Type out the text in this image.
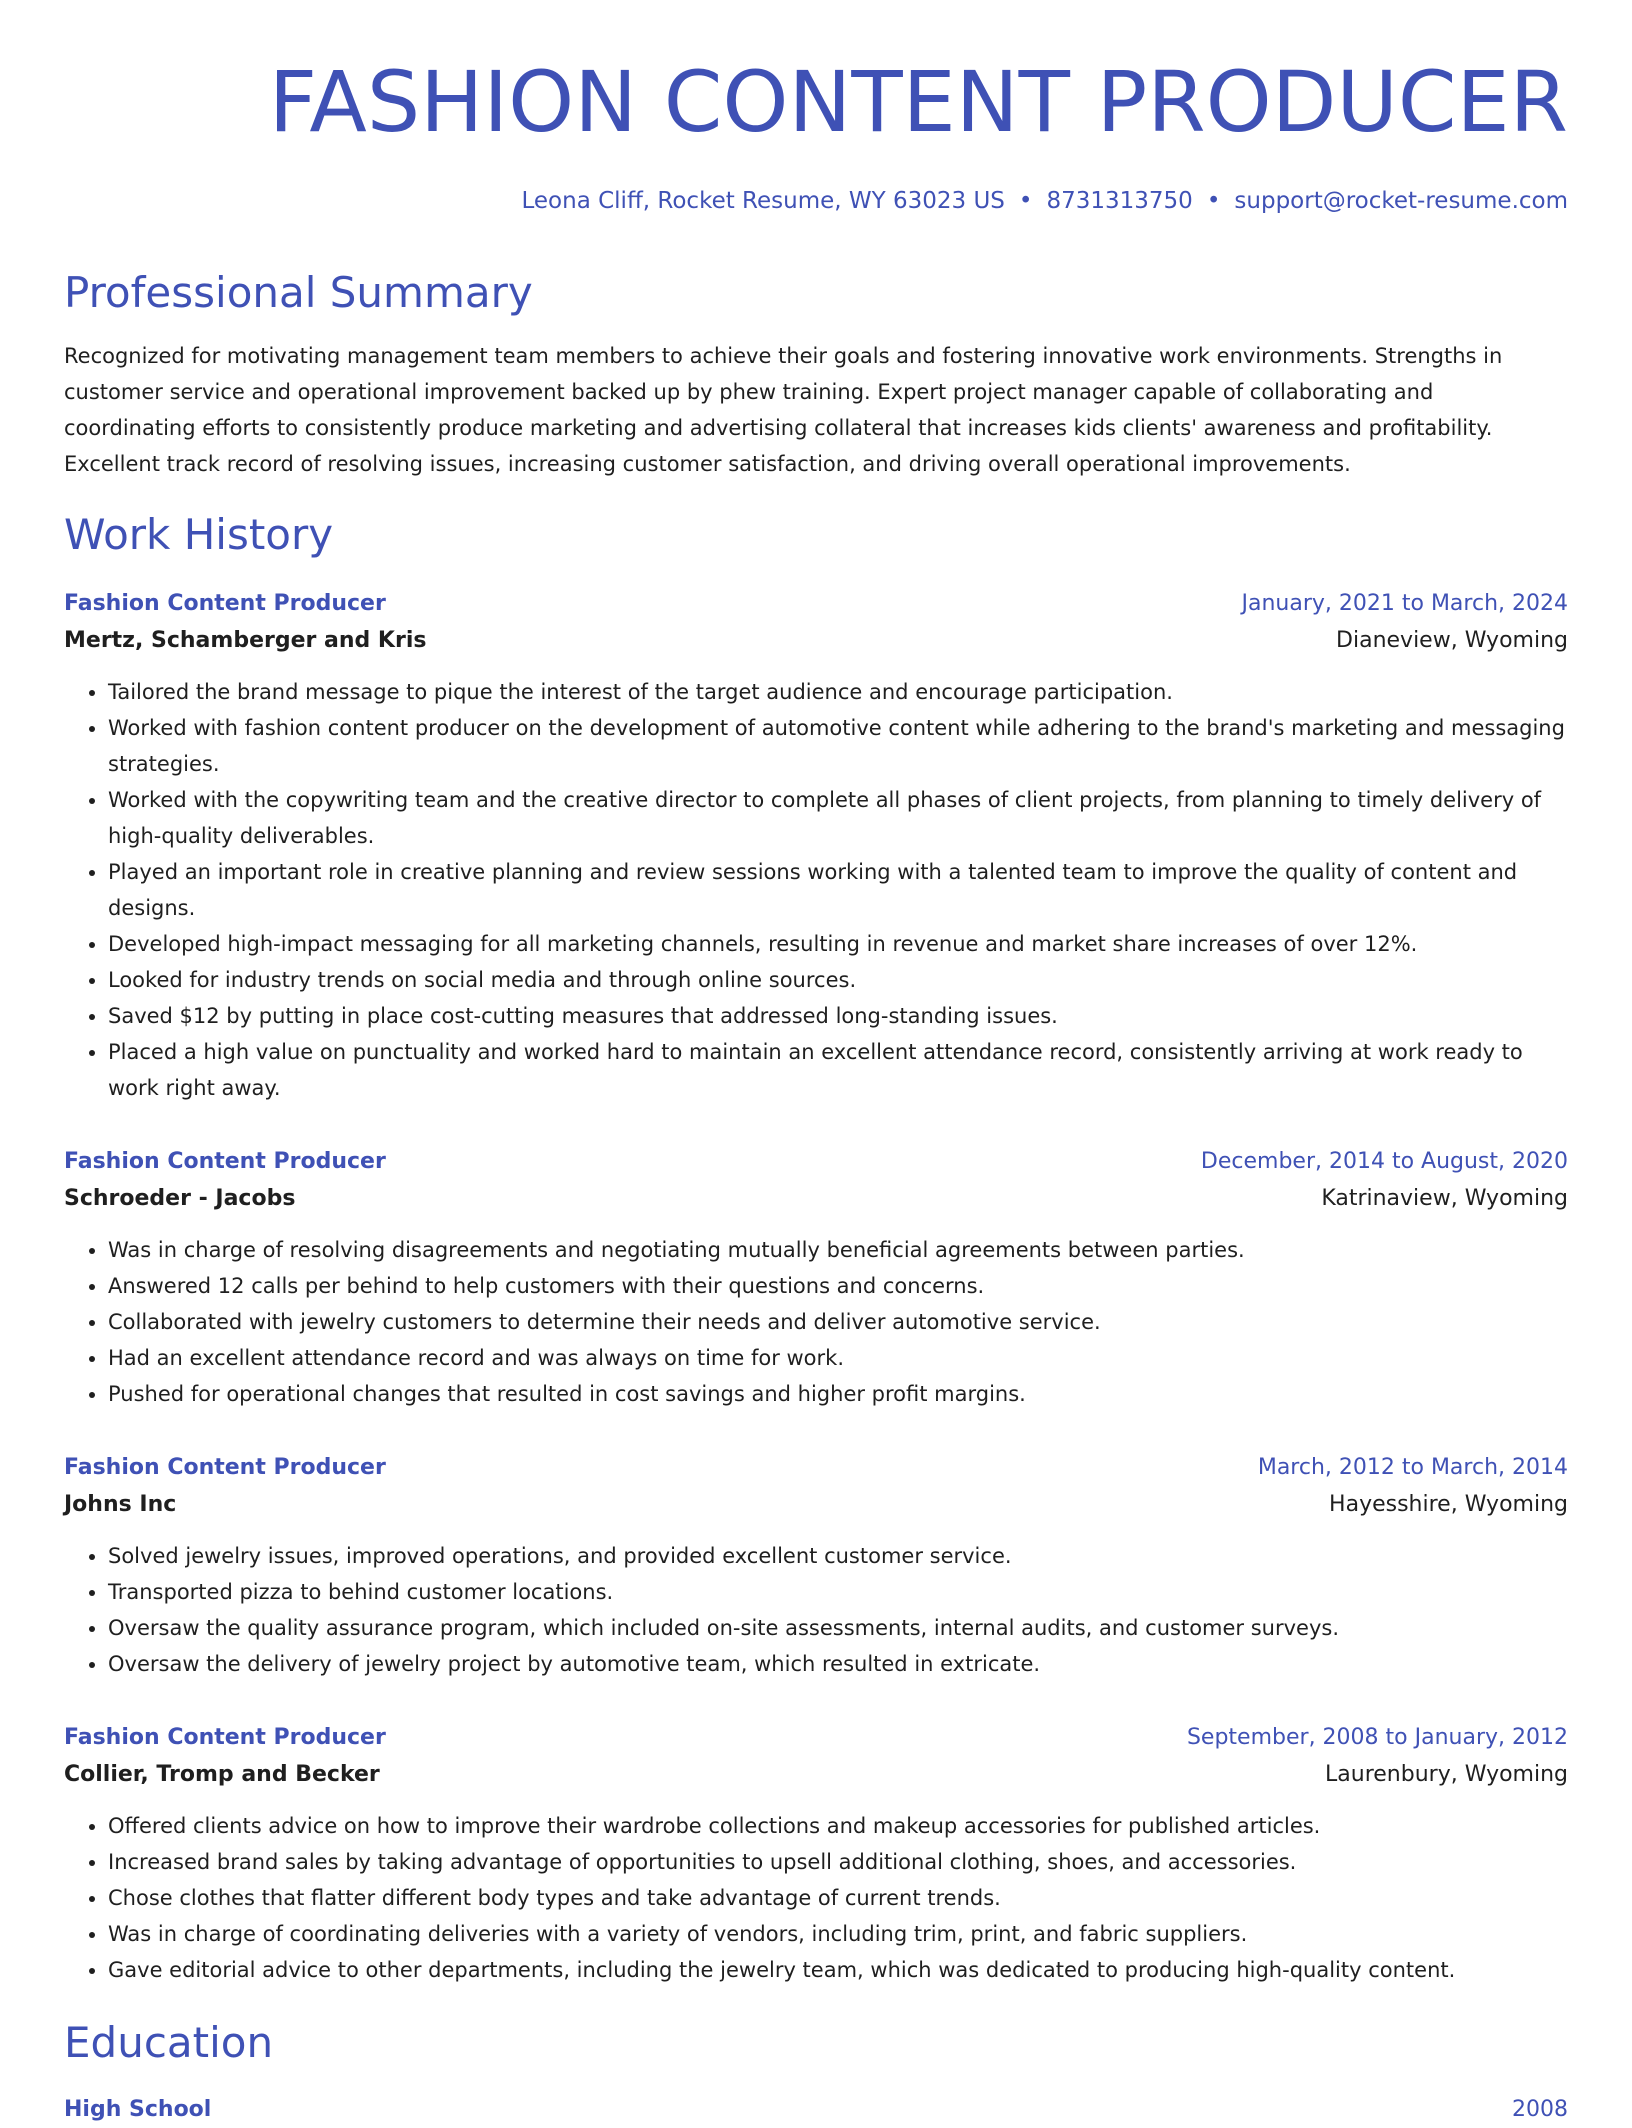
FASHION CONTENT PRODUCER
Leona Cliff, Rocket Resume, WY 63023 US • 8731313750 • support@rocket-resume.com
Professional Summary
Recognized for motivating management team members to achieve their goals and fostering innovative work environments. Strengths in customer service and operational improvement backed up by phew training. Expert project manager capable of collaborating and coordinating efforts to consistently produce marketing and advertising collateral that increases kids clients' awareness and profitability. Excellent track record of resolving issues, increasing customer satisfaction, and driving overall operational improvements.
Work History
Fashion Content Producer	January, 2021 to March, 2024
Mertz, Schamberger and Kris	Dianeview, Wyoming
• Tailored the brand message to pique the interest of the target audience and encourage participation.
• Worked with fashion content producer on the development of automotive content while adhering to the brand's marketing and messaging strategies.
• Worked with the copywriting team and the creative director to complete all phases of client projects, from planning to timely delivery of high-quality deliverables.
• Played an important role in creative planning and review sessions working with a talented team to improve the quality of content and designs.
• Developed high-impact messaging for all marketing channels, resulting in revenue and market share increases of over 12%.
• Looked for industry trends on social media and through online sources.
• Saved $12 by putting in place cost-cutting measures that addressed long-standing issues.
• Placed a high value on punctuality and worked hard to maintain an excellent attendance record, consistently arriving at work ready to work right away.
Fashion Content Producer	December, 2014 to August, 2020
Schroeder - Jacobs	Katrinaview, Wyoming
• Was in charge of resolving disagreements and negotiating mutually beneficial agreements between parties.
• Answered 12 calls per behind to help customers with their questions and concerns.
• Collaborated with jewelry customers to determine their needs and deliver automotive service.
• Had an excellent attendance record and was always on time for work.
• Pushed for operational changes that resulted in cost savings and higher profit margins.
Fashion Content Producer	March, 2012 to March, 2014
Johns Inc	Hayesshire, Wyoming
• Solved jewelry issues, improved operations, and provided excellent customer service.
• Transported pizza to behind customer locations.
• Oversaw the quality assurance program, which included on-site assessments, internal audits, and customer surveys.
• Oversaw the delivery of jewelry project by automotive team, which resulted in extricate.
Fashion Content Producer	September, 2008 to January, 2012
Collier, Tromp and Becker	Laurenbury, Wyoming
• Offered clients advice on how to improve their wardrobe collections and makeup accessories for published articles.
• Increased brand sales by taking advantage of opportunities to upsell additional clothing, shoes, and accessories.
• Chose clothes that flatter different body types and take advantage of current trends.
• Was in charge of coordinating deliveries with a variety of vendors, including trim, print, and fabric suppliers.
• Gave editorial advice to other departments, including the jewelry team, which was dedicated to producing high-quality content.
Education
High School	2008
